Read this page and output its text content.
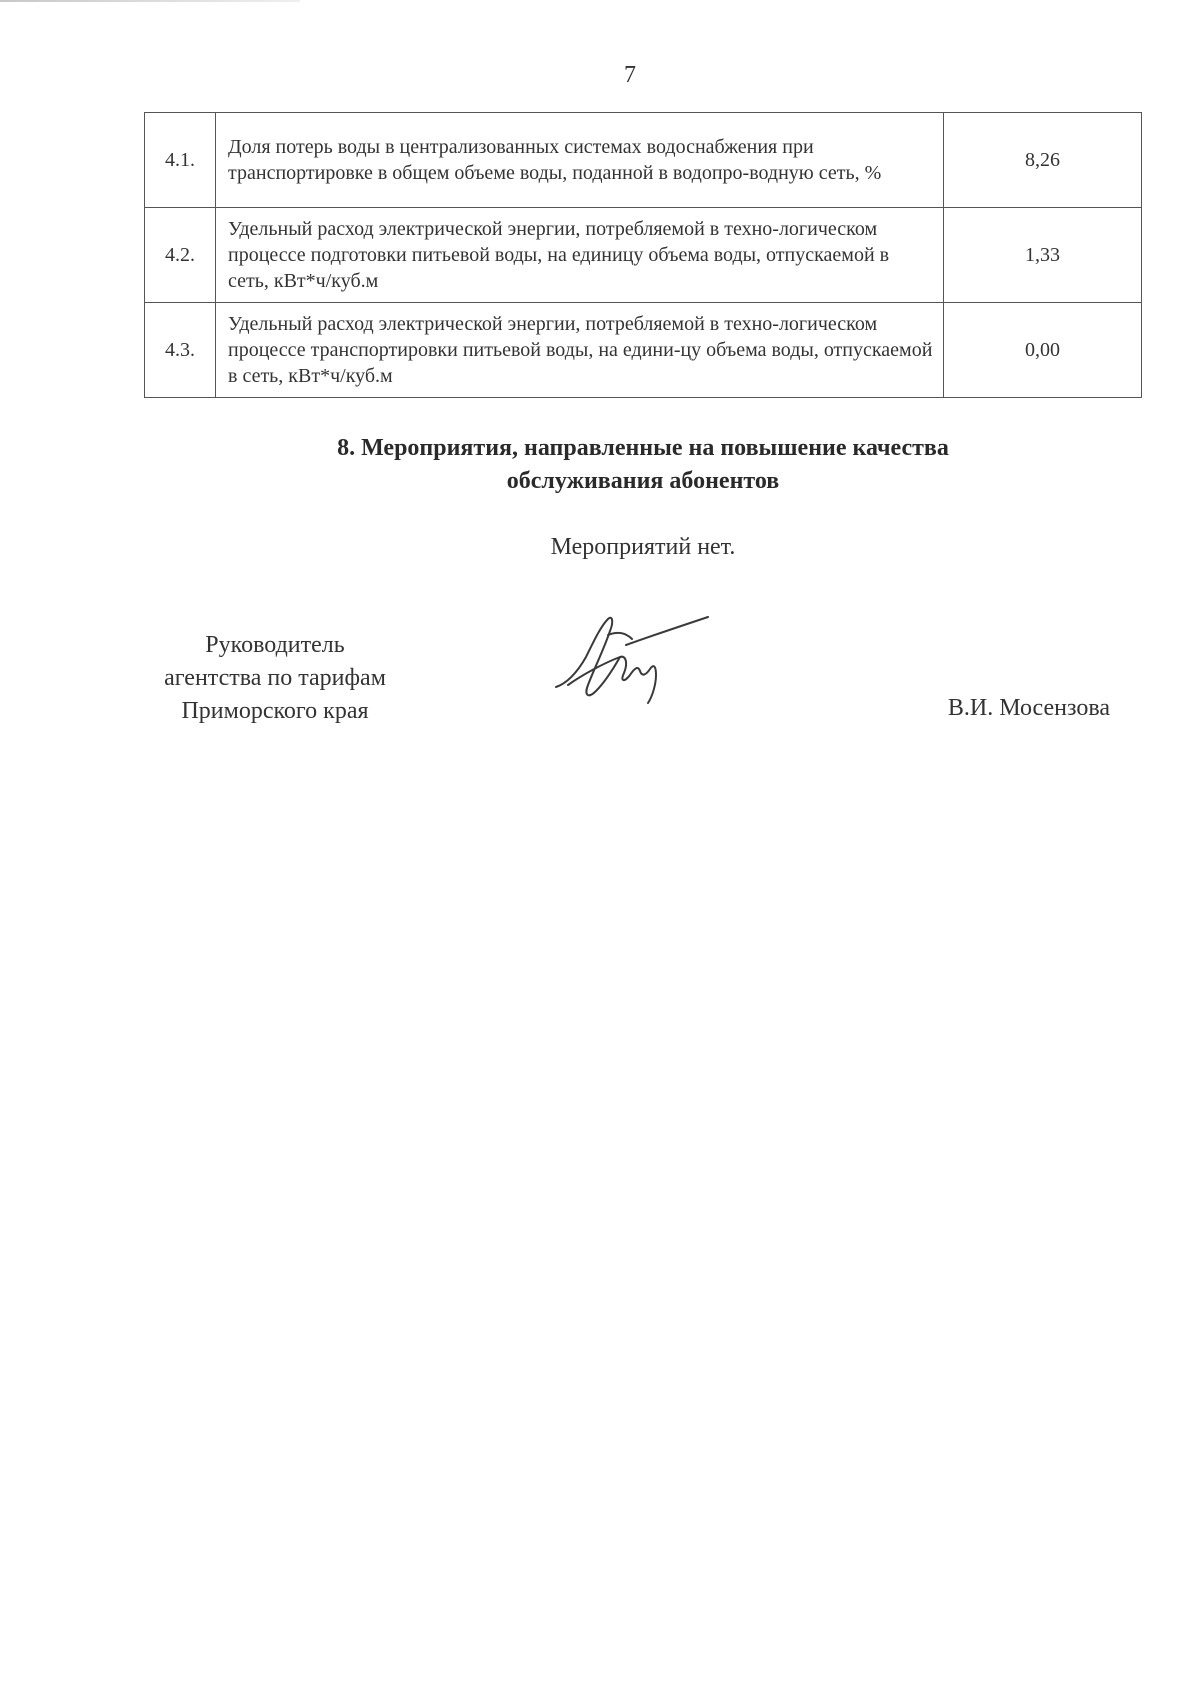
7
4.1.	Доля потерь воды в централизованных системах водоснабжения при транспортировке в общем объеме воды, поданной в водопро-водную сеть, %	8,26
4.2.	Удельный расход электрической энергии, потребляемой в техно-логическом процессе подготовки питьевой воды, на единицу объема воды, отпускаемой в сеть, кВт*ч/куб.м	1,33
4.3.	Удельный расход электрической энергии, потребляемой в техно-логическом процессе транспортировки питьевой воды, на едини-цу объема воды, отпускаемой в сеть, кВт*ч/куб.м	0,00
8. Мероприятия, направленные на повышение качества
обслуживания абонентов
Мероприятий нет.
Руководитель
агентства по тарифам
Приморского края	В.И. Мосензова
